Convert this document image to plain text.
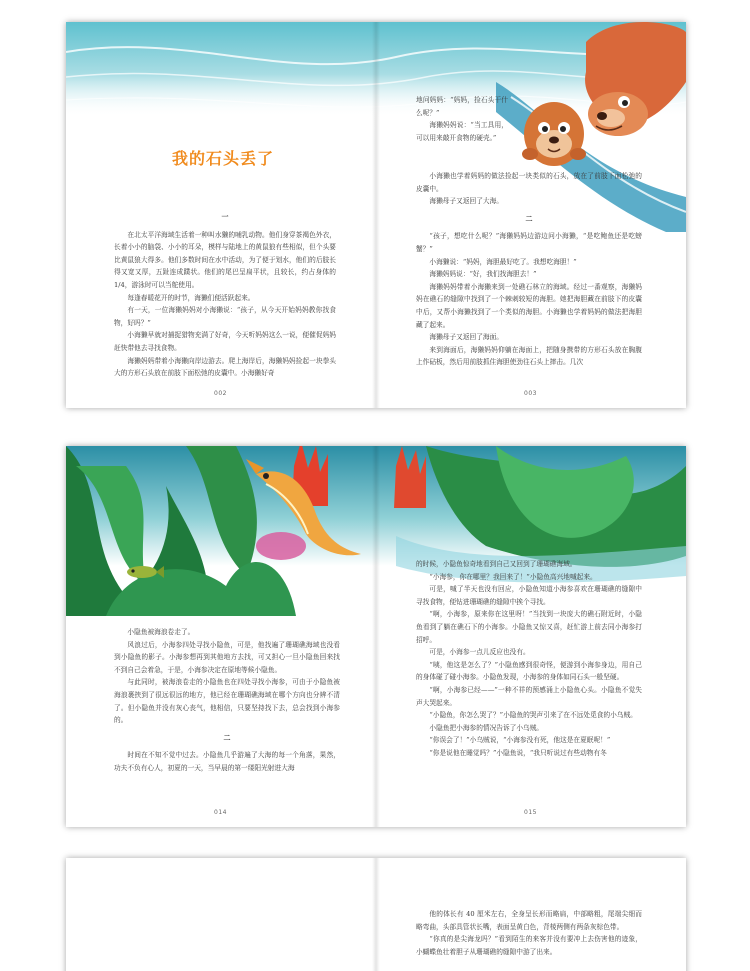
我的石头丢了
一

在北太平洋海域生活着一种叫水獭的哺乳动物。他们身穿茶褐色外衣，长着小小的脑袋、小小的耳朵，模样与陆地上的黄鼠狼有些相似，但个头要比黄鼠狼大得多。他们多数时间在水中活动，为了便于划水，他们的后肢长得又宽又厚，五趾连成蹼状。他们的尾巴呈扁平状，且较长，约占身体的 1/4，游泳时可以当舵使用。

每逢春暖花开的时节，海獭们便活跃起来。

有一天，一位海獭妈妈对小海獭说：“孩子，从今天开始妈妈教你找食物，好吗？”

小海獭早就对捕捉猎物充满了好奇，今天听妈妈这么一说，便催促妈妈赶快带他去寻找食物。

海獭妈妈带着小海獭向岸边游去。爬上海岸后，海獭妈妈捡起一块拳头大的方形石头放在前肢下面松弛的皮囊中。小海獭好奇

002

地问妈妈：“妈妈，捡石头干什么呢？”

海獭妈妈说：“当工具用，可以用来敲开食物的硬壳。”

小海獭也学着妈妈的做法捡起一块类似的石头，放在了前肢下面松弛的皮囊中。

海獭母子又返回了大海。

二

“孩子，想吃什么呢？”海獭妈妈边游边问小海獭，“是吃鲍鱼还是吃螃蟹？”

小海獭说：“妈妈，海胆最好吃了。我想吃海胆！”

海獭妈妈说：“好，我们找海胆去！”

海獭妈妈带着小海獭来到一处礁石林立的海域。经过一番观察，海獭妈妈在礁石的缝隙中找到了一个棘刺较短的海胆。她把海胆藏在前肢下的皮囊中后，又帮小海獭找到了一个类似的海胆。小海獭也学着妈妈的做法把海胆藏了起来。

海獭母子又返回了海面。

来到海面后，海獭妈妈仰躺在海面上，把随身携带的方形石头放在胸腹上作砧板，然后用前肢抓住海胆使劲往石头上摔击。几次

003

小隐鱼被海浪卷走了。

风浪过后，小海参四处寻找小隐鱼，可是，他找遍了珊瑚礁海域也没看到小隐鱼的影子。小海参想再到其他地方去找，可又担心一旦小隐鱼回来找不到自己会着急，于是，小海参决定在原地等候小隐鱼。

与此同时，被海浪卷走的小隐鱼也在四处寻找小海参，可由于小隐鱼被海浪裹挟到了很远很远的地方，他已经在珊瑚礁海域在哪个方向也分辨不清了。但小隐鱼并没有灰心丧气，他相信，只要坚持找下去，总会找到小海参的。

二

时间在不知不觉中过去。小隐鱼几乎游遍了大海的每一个角落，果然，功夫不负有心人，初夏的一天，当早晨的第一缕阳光射进大海

014

的时候，小隐鱼惊奇地看到自己又回到了珊瑚礁海域。

“小海参，你在哪里？我回来了！”小隐鱼高兴地喊起来。

可是，喊了半天也没有回应，小隐鱼知道小海参喜欢在珊瑚礁的缝隙中寻找食物，便钻进珊瑚礁的缝隙中挨个寻找。

“啊，小海参，原来你在这里呀！”当找到一块庞大的礁石附近时，小隐鱼看到了躺在礁石下的小海参。小隐鱼又惊又喜，赶忙游上前去同小海参打招呼。

可是，小海参一点儿反应也没有。

“咦，他这是怎么了？”小隐鱼感到很奇怪，便游到小海参身边，用自己的身体碰了碰小海参。小隐鱼发现，小海参的身体如同石头一般坚硬。

“啊，小海参已经——”一种不祥的预感涌上小隐鱼心头。小隐鱼不觉失声大哭起来。

“小隐鱼，你怎么哭了？”小隐鱼的哭声引来了在不远处觅食的小乌贼。

小隐鱼把小海参的情况告诉了小乌贼。

“你误会了！”小乌贼说，“小海参没有死，他这是在夏眠呢！”

“你是说他在睡觉吗？”小隐鱼说，“我只听说过有些动物有冬

015

他的体长有 40 厘米左右，全身呈长形而略扁，中部略粗，尾端尖细而略弯曲，头部具管状长嘴，表面呈黄白色，背棱两侧有两条灰棕色带。

“你真的是尖海龙吗？”看到陌生的来客并没有要冲上去伤害他的迹象，小蝴蝶鱼壮着胆子从珊瑚礁的缝隙中游了出来。
